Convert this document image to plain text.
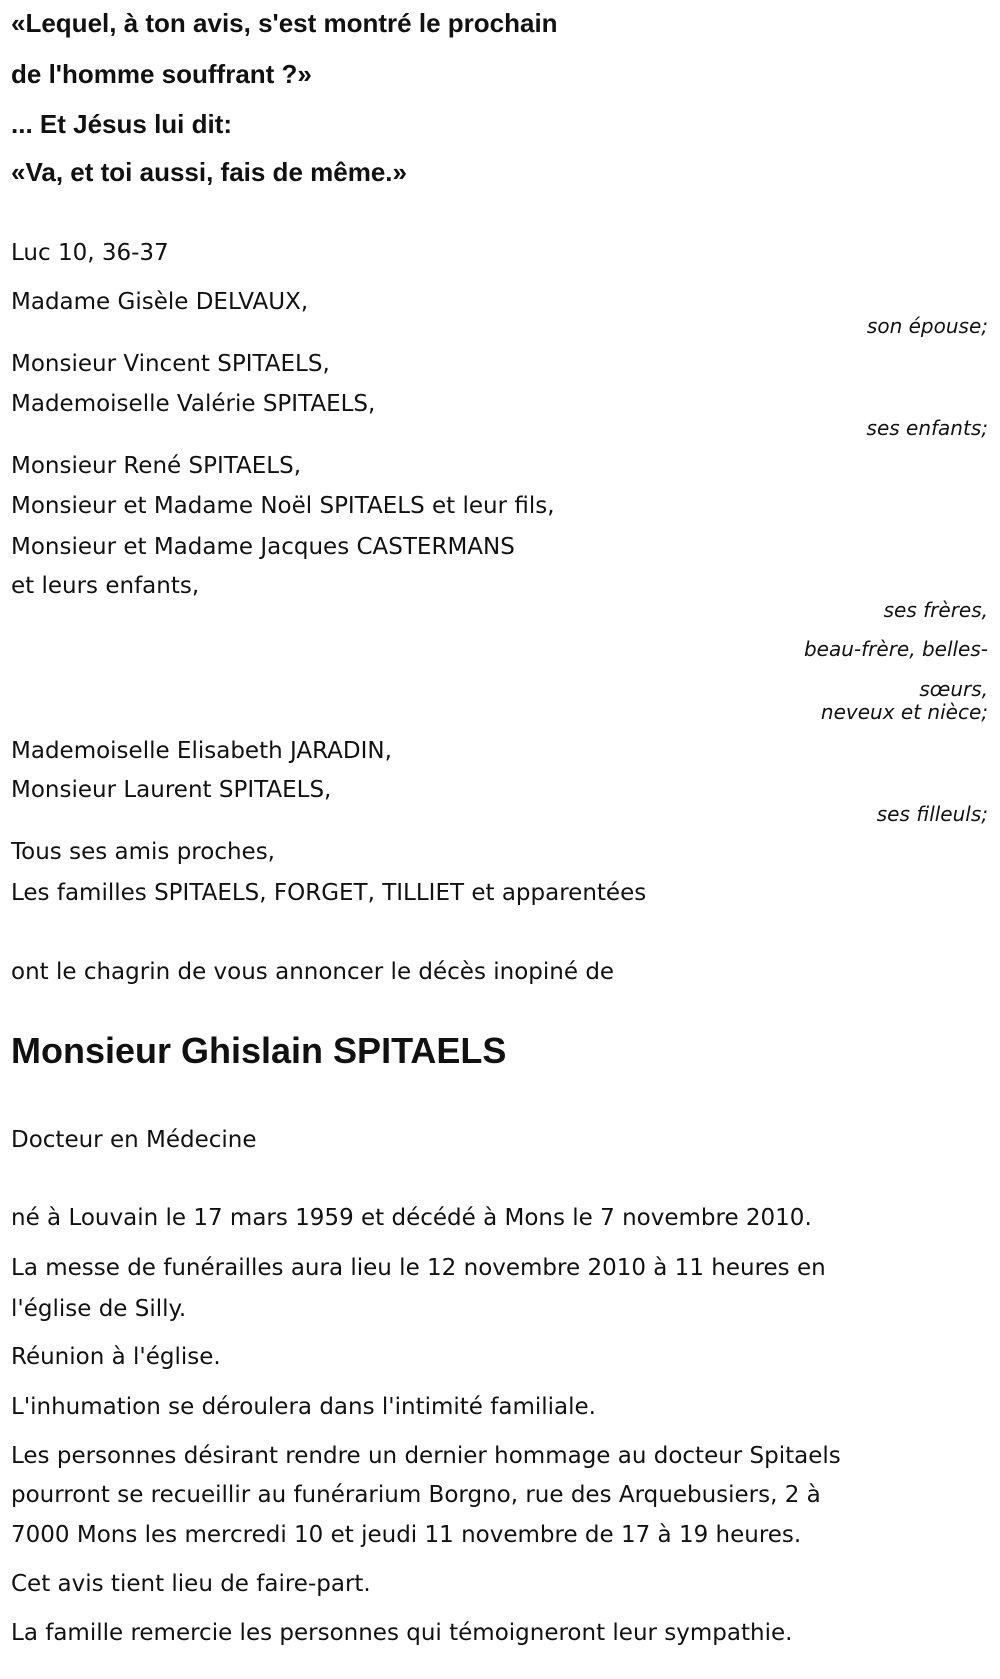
«Lequel, à ton avis, s'est montré le prochain
de l'homme souffrant ?»
... Et Jésus lui dit:
«Va, et toi aussi, fais de même.»
Luc 10, 36-37
Madame Gisèle DELVAUX,
son épouse;
Monsieur Vincent SPITAELS,
Mademoiselle Valérie SPITAELS,
ses enfants;
Monsieur René SPITAELS,
Monsieur et Madame Noël SPITAELS et leur fils,
Monsieur et Madame Jacques CASTERMANS
et leurs enfants,
ses frères,
beau-frère, belles-
sœurs,
neveux et nièce;
Mademoiselle Elisabeth JARADIN,
Monsieur Laurent SPITAELS,
ses filleuls;
Tous ses amis proches,
Les familles SPITAELS, FORGET, TILLIET et apparentées
ont le chagrin de vous annoncer le décès inopiné de
Monsieur Ghislain SPITAELS
Docteur en Médecine
né à Louvain le 17 mars 1959 et décédé à Mons le 7 novembre 2010.
La messe de funérailles aura lieu le 12 novembre 2010 à 11 heures en
l'église de Silly.
Réunion à l'église.
L'inhumation se déroulera dans l'intimité familiale.
Les personnes désirant rendre un dernier hommage au docteur Spitaels
pourront se recueillir au funérarium Borgno, rue des Arquebusiers, 2 à
7000 Mons les mercredi 10 et jeudi 11 novembre de 17 à 19 heures.
Cet avis tient lieu de faire-part.
La famille remercie les personnes qui témoigneront leur sympathie.
